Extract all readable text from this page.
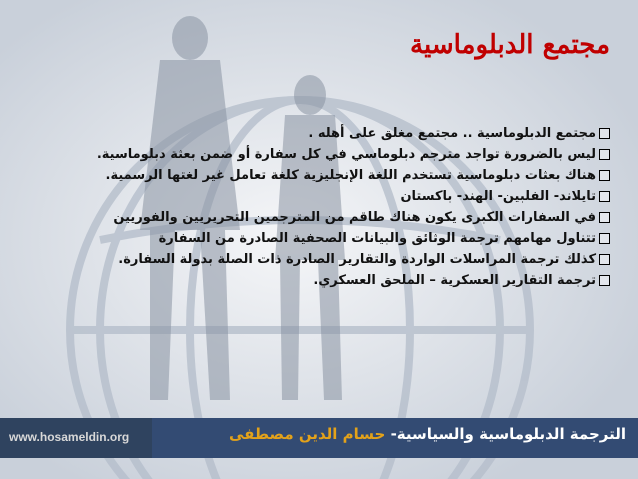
مجتمع الدبلوماسية
مجتمع الدبلوماسية .. مجتمع مغلق على أهله .
ليس بالضرورة تواجد مترجم دبلوماسي في كل سفارة أو ضمن بعثة دبلوماسية.
هناك بعثات دبلوماسية تستخدم اللغة الإنجليزية كلغة تعامل غير لغتها الرسمية.
تايلاند- الفلبين- الهند- باكستان
في السفارات الكبرى يكون هناك طاقم من المترجمين التحريريين والفوريين
تتناول مهامهم ترجمة الوثائق والبيانات الصحفية الصادرة من السفارة
كذلك ترجمة المراسلات الواردة والتقارير الصادرة ذات الصلة بدولة السفارة.
ترجمة التقارير العسكرية – الملحق العسكري.
www.hosameldin.org	الترجمة الدبلوماسية والسياسية- حسام الدين مصطفى
